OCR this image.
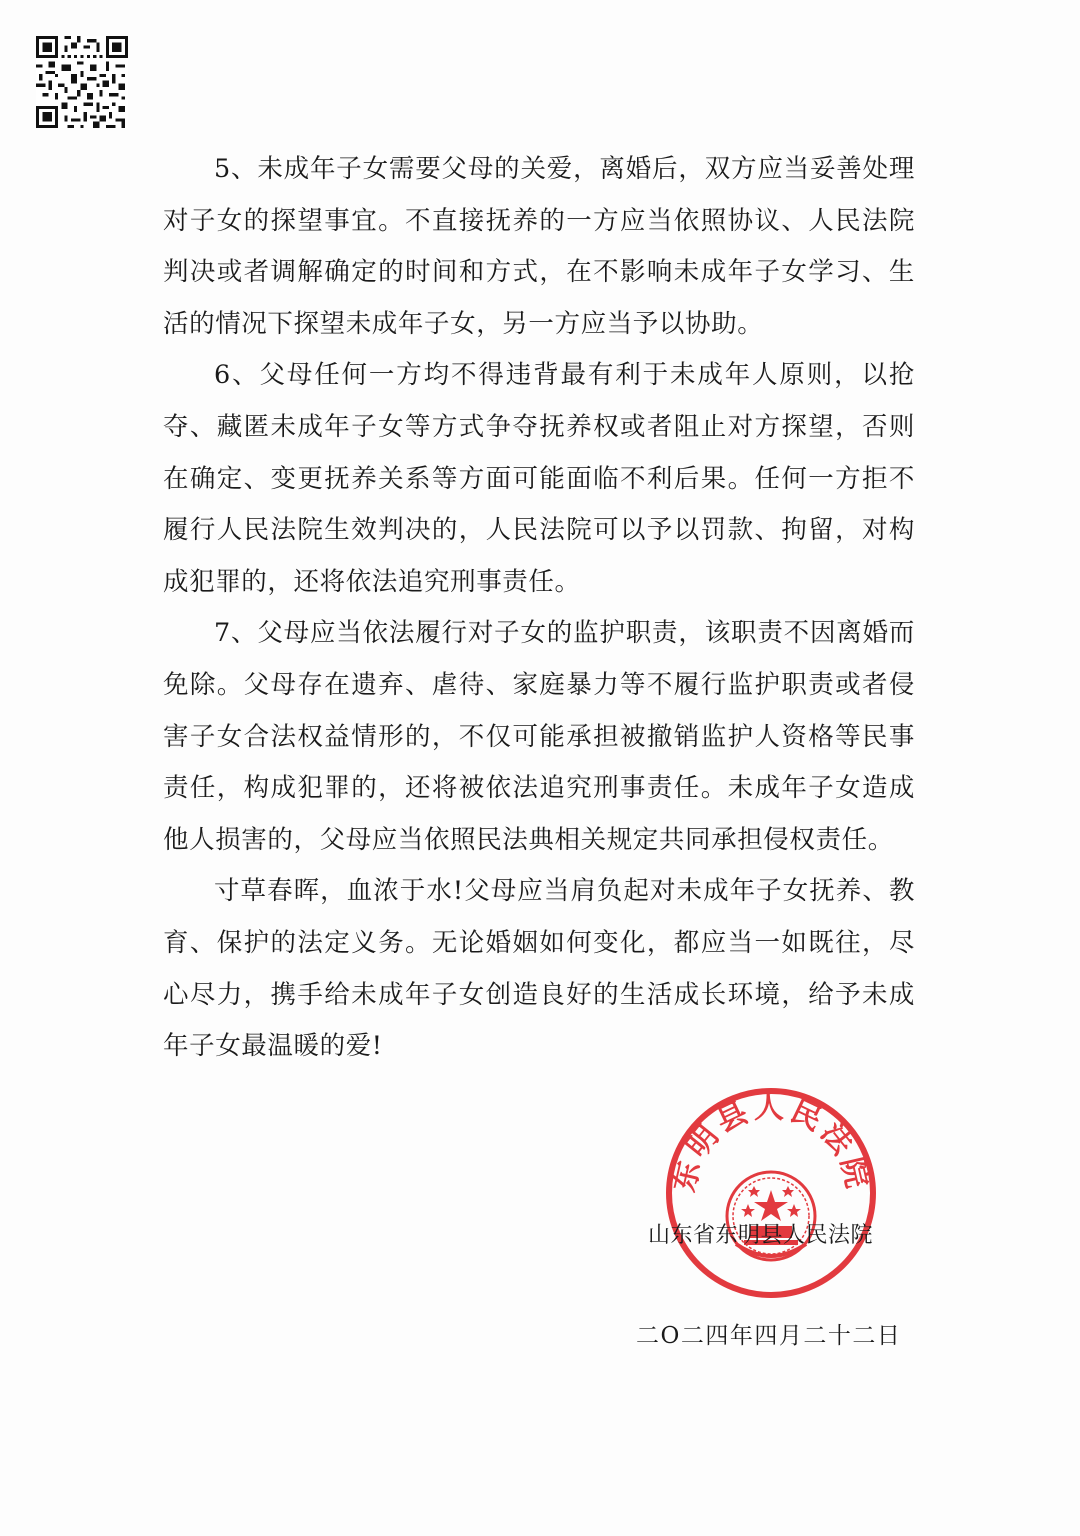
5、未成年子女需要父母的关爱，离婚后，双方应当妥善处理对子女的探望事宜。不直接抚养的一方应当依照协议、人民法院判决或者调解确定的时间和方式，在不影响未成年子女学习、生活的情况下探望未成年子女，另一方应当予以协助。

6、父母任何一方均不得违背最有利于未成年人原则，以抢夺、藏匿未成年子女等方式争夺抚养权或者阻止对方探望，否则在确定、变更抚养关系等方面可能面临不利后果。任何一方拒不履行人民法院生效判决的，人民法院可以予以罚款、拘留，对构成犯罪的，还将依法追究刑事责任。

7、父母应当依法履行对子女的监护职责，该职责不因离婚而免除。父母存在遗弃、虐待、家庭暴力等不履行监护职责或者侵害子女合法权益情形的，不仅可能承担被撤销监护人资格等民事责任，构成犯罪的，还将被依法追究刑事责任。未成年子女造成他人损害的，父母应当依照民法典相关规定共同承担侵权责任。

寸草春晖，血浓于水!父母应当肩负起对未成年子女抚养、教育、保护的法定义务。无论婚姻如何变化，都应当一如既往，尽心尽力，携手给未成年子女创造良好的生活成长环境，给予未成年子女最温暖的爱!

东明县人民法院
山东省东明县人民法院
二O二四年四月二十二日
